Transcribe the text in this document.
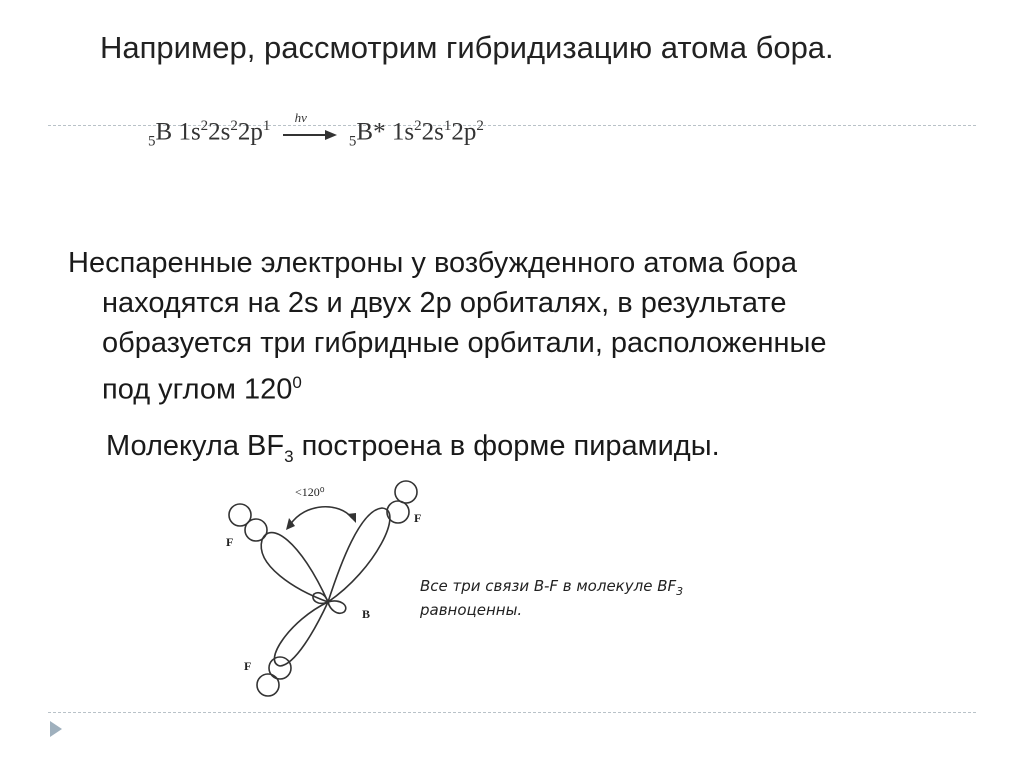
Например, рассмотрим гибридизацию атома бора.
$_5$B $1s^22s^22p^1$
hν
$_5$B* $1s^22s^12p^2$
Неспаренные электроны у возбужденного атома бора
находятся на 2s и двух 2p орбиталях, в результате
образуется три гибридные орбитали, расположенные
под углом $120^0$
Молекула $BF_3$ построена в форме пирамиды.
<120⁰
F
F
F
B
Все три связи B-F в молекуле $BF_3$
равноценны.
